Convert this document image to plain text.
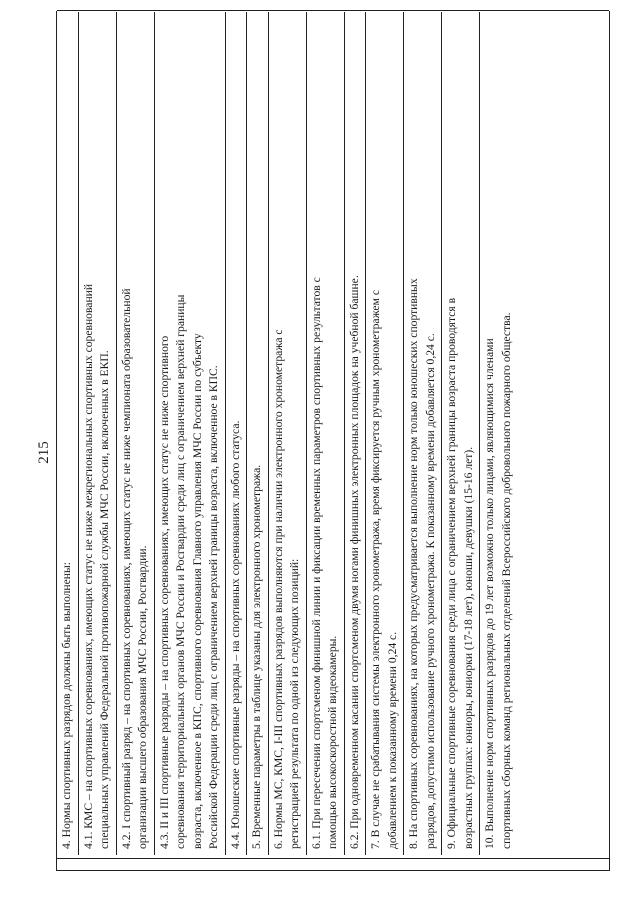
215
4. Нормы спортивных разрядов должны быть выполнены: 4.1. КМС – на спортивных соревнованиях, имеющих статус не ниже межрегиональных спортивных соревнований специальных управлений Федеральной противопожарной службы МЧС России, включенных в ЕКП. 4.2. I спортивный разряд – на спортивных соревнованиях, имеющих статус не ниже чемпионата образовательной организации высшего образования МЧС России, Росгвардии. 4.3. II и III спортивные разряды – на спортивных соревнованиях, имеющих статус не ниже спортивного соревнования территориальных органов МЧС России и Росгвардии среди лиц с ограничением верхней границы возраста, включенное в КПС, спортивного соревнования Главного управления МЧС России по субъекту Российской Федерации среди лиц с ограничением верхней границы возраста, включенное в КПС. 4.4. Юношеские спортивные разряды – на спортивных соревнованиях любого статуса. 5. Временные параметры в таблице указаны для электронного хронометража. 6. Нормы МС, КМС, I-III спортивных разрядов выполняются при наличии электронного хронометража с регистрацией результата по одной из следующих позиций: 6.1. При пересечении спортсменом финишной линии и фиксации временных параметров спортивных результатов с помощью высокоскоростной видеокамеры. 6.2. При одновременном касании спортсменом двумя ногами финишных электронных площадок на учебной башне. 7. В случае не срабатывания системы электронного хронометража, время фиксируется ручным хронометражем с добавлением к показанному времени 0,24 с. 8. На спортивных соревнованиях, на которых предусматривается выполнение норм только юношеских спортивных разрядов, допустимо использование ручного хронометража. К показанному времени добавляется 0,24 с. 9. Официальные спортивные соревнования среди лица с ограничением верхней границы возраста проводятся в возрастных группах: юниоры, юниорки (17-18 лет), юноши, девушки (15-16 лет). 10. Выполнение норм спортивных разрядов до 19 лет возможно только лицами, являющимися членами спортивных сборных команд региональных отделений Всероссийского добровольного пожарного общества.
